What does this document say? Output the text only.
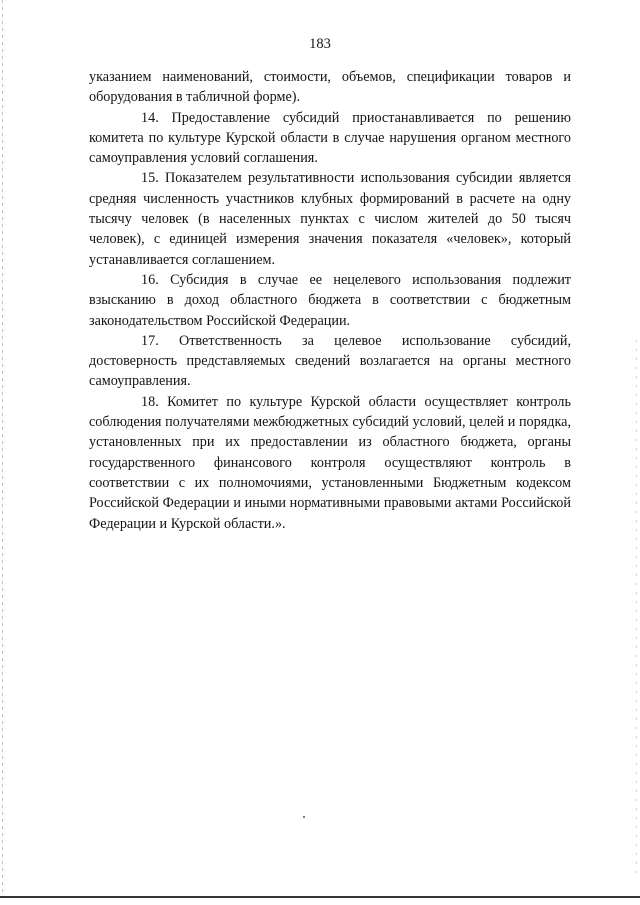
183

указанием наименований, стоимости, объемов, спецификации товаров и оборудования в табличной форме).

14. Предоставление субсидий приостанавливается по решению комитета по культуре Курской области в случае нарушения органом местного самоуправления условий соглашения.

15. Показателем результативности использования субсидии является средняя численность участников клубных формирований в расчете на одну тысячу человек (в населенных пунктах с числом жителей до 50 тысяч человек), с единицей измерения значения показателя «человек», который устанавливается соглашением.

16. Субсидия в случае ее нецелевого использования подлежит взысканию в доход областного бюджета в соответствии с бюджетным законодательством Российской Федерации.

17. Ответственность за целевое использование субсидий, достоверность представляемых сведений возлагается на органы местного самоуправления.

18. Комитет по культуре Курской области осуществляет контроль соблюдения получателями межбюджетных субсидий условий, целей и порядка, установленных при их предоставлении из областного бюджета, органы государственного финансового контроля осуществляют контроль в соответствии с их полномочиями, установленными Бюджетным кодексом Российской Федерации и иными нормативными правовыми актами Российской Федерации и Курской области.».
